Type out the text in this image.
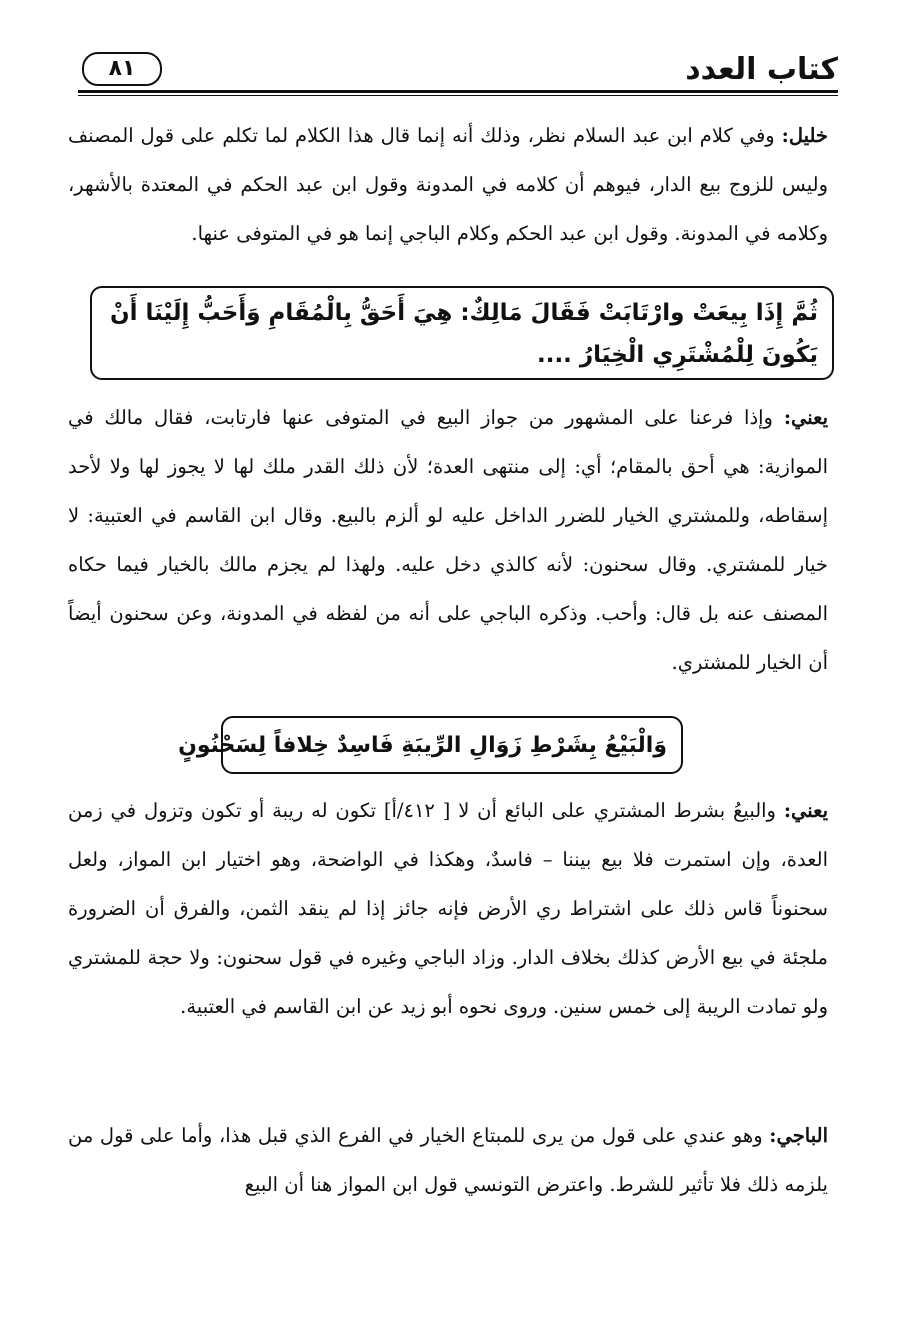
كتاب العدد
٨١

خليل: وفي كلام ابن عبد السلام نظر، وذلك أنه إنما قال هذا الكلام لما تكلم على قول المصنف وليس للزوج بيع الدار، فيوهم أن كلامه في المدونة وقول ابن عبد الحكم في المعتدة بالأشهر، وكلامه في المدونة. وقول ابن عبد الحكم وكلام الباجي إنما هو في المتوفى عنها.

ثُمَّ إِذَا بِيعَتْ وارْتَابَتْ فَقَالَ مَالِكٌ: هِيَ أَحَقُّ بِالْمُقَامِ وَأَحَبُّ إِلَيْنَا أَنْ يَكُونَ لِلْمُشْتَرِي الْخِيَارُ ....

يعني: وإذا فرعنا على المشهور من جواز البيع في المتوفى عنها فارتابت، فقال مالك في الموازية: هي أحق بالمقام؛ أي: إلى منتهى العدة؛ لأن ذلك القدر ملك لها لا يجوز لها ولا لأحد إسقاطه، وللمشتري الخيار للضرر الداخل عليه لو ألزم بالبيع. وقال ابن القاسم في العتبية: لا خيار للمشتري. وقال سحنون: لأنه كالذي دخل عليه. ولهذا لم يجزم مالك بالخيار فيما حكاه المصنف عنه بل قال: وأحب. وذكره الباجي على أنه من لفظه في المدونة، وعن سحنون أيضاً أن الخيار للمشتري.

وَالْبَيْعُ بِشَرْطِ زَوَالِ الرِّيبَةِ فَاسِدٌ خِلافاً لِسَحْنُونٍ

يعني: والبيعُ بشرط المشتري على البائع أن لا [ ٤١٢/أ] تكون له ريبة أو تكون وتزول في زمن العدة، وإن استمرت فلا بيع بيننا – فاسدٌ، وهكذا في الواضحة، وهو اختيار ابن المواز، ولعل سحنوناً قاس ذلك على اشتراط ري الأرض فإنه جائز إذا لم ينقد الثمن، والفرق أن الضرورة ملجئة في بيع الأرض كذلك بخلاف الدار. وزاد الباجي وغيره في قول سحنون: ولا حجة للمشتري ولو تمادت الريبة إلى خمس سنين. وروى نحوه أبو زيد عن ابن القاسم في العتبية.

الباجي: وهو عندي على قول من يرى للمبتاع الخيار في الفرع الذي قبل هذا، وأما على قول من يلزمه ذلك فلا تأثير للشرط. واعترض التونسي قول ابن المواز هنا أن البيع
